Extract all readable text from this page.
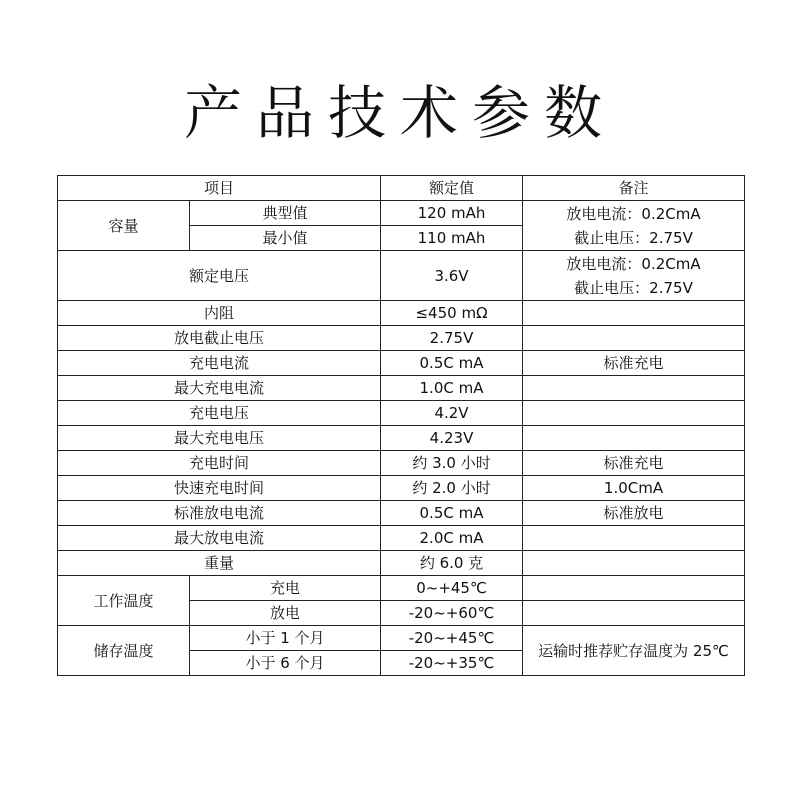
产品技术参数
项目		额定值	备注
容量	典型值	120 mAh	放电电流：0.2CmA
截止电压：2.75V

	最小值	110 mAh	
额定电压		3.6V	放电电流：0.2CmA
截止电压：2.75V

内阻		≤450 mΩ	
放电截止电压		2.75V	
充电电流		0.5C mA	标准充电
最大充电电流		1.0C mA	
充电电压		4.2V	
最大充电电压		4.23V	
充电时间		约 3.0 小时	标准充电
快速充电时间		约 2.0 小时	1.0CmA
标准放电电流		0.5C mA	标准放电
最大放电电流		2.0C mA	
重量		约 6.0 克	
工作温度	充电	0~+45℃	
	放电	-20~+60℃	
储存温度	小于 1 个月	-20~+45℃	运输时推荐贮存温度为 25℃
	小于 6 个月	-20~+35℃	
